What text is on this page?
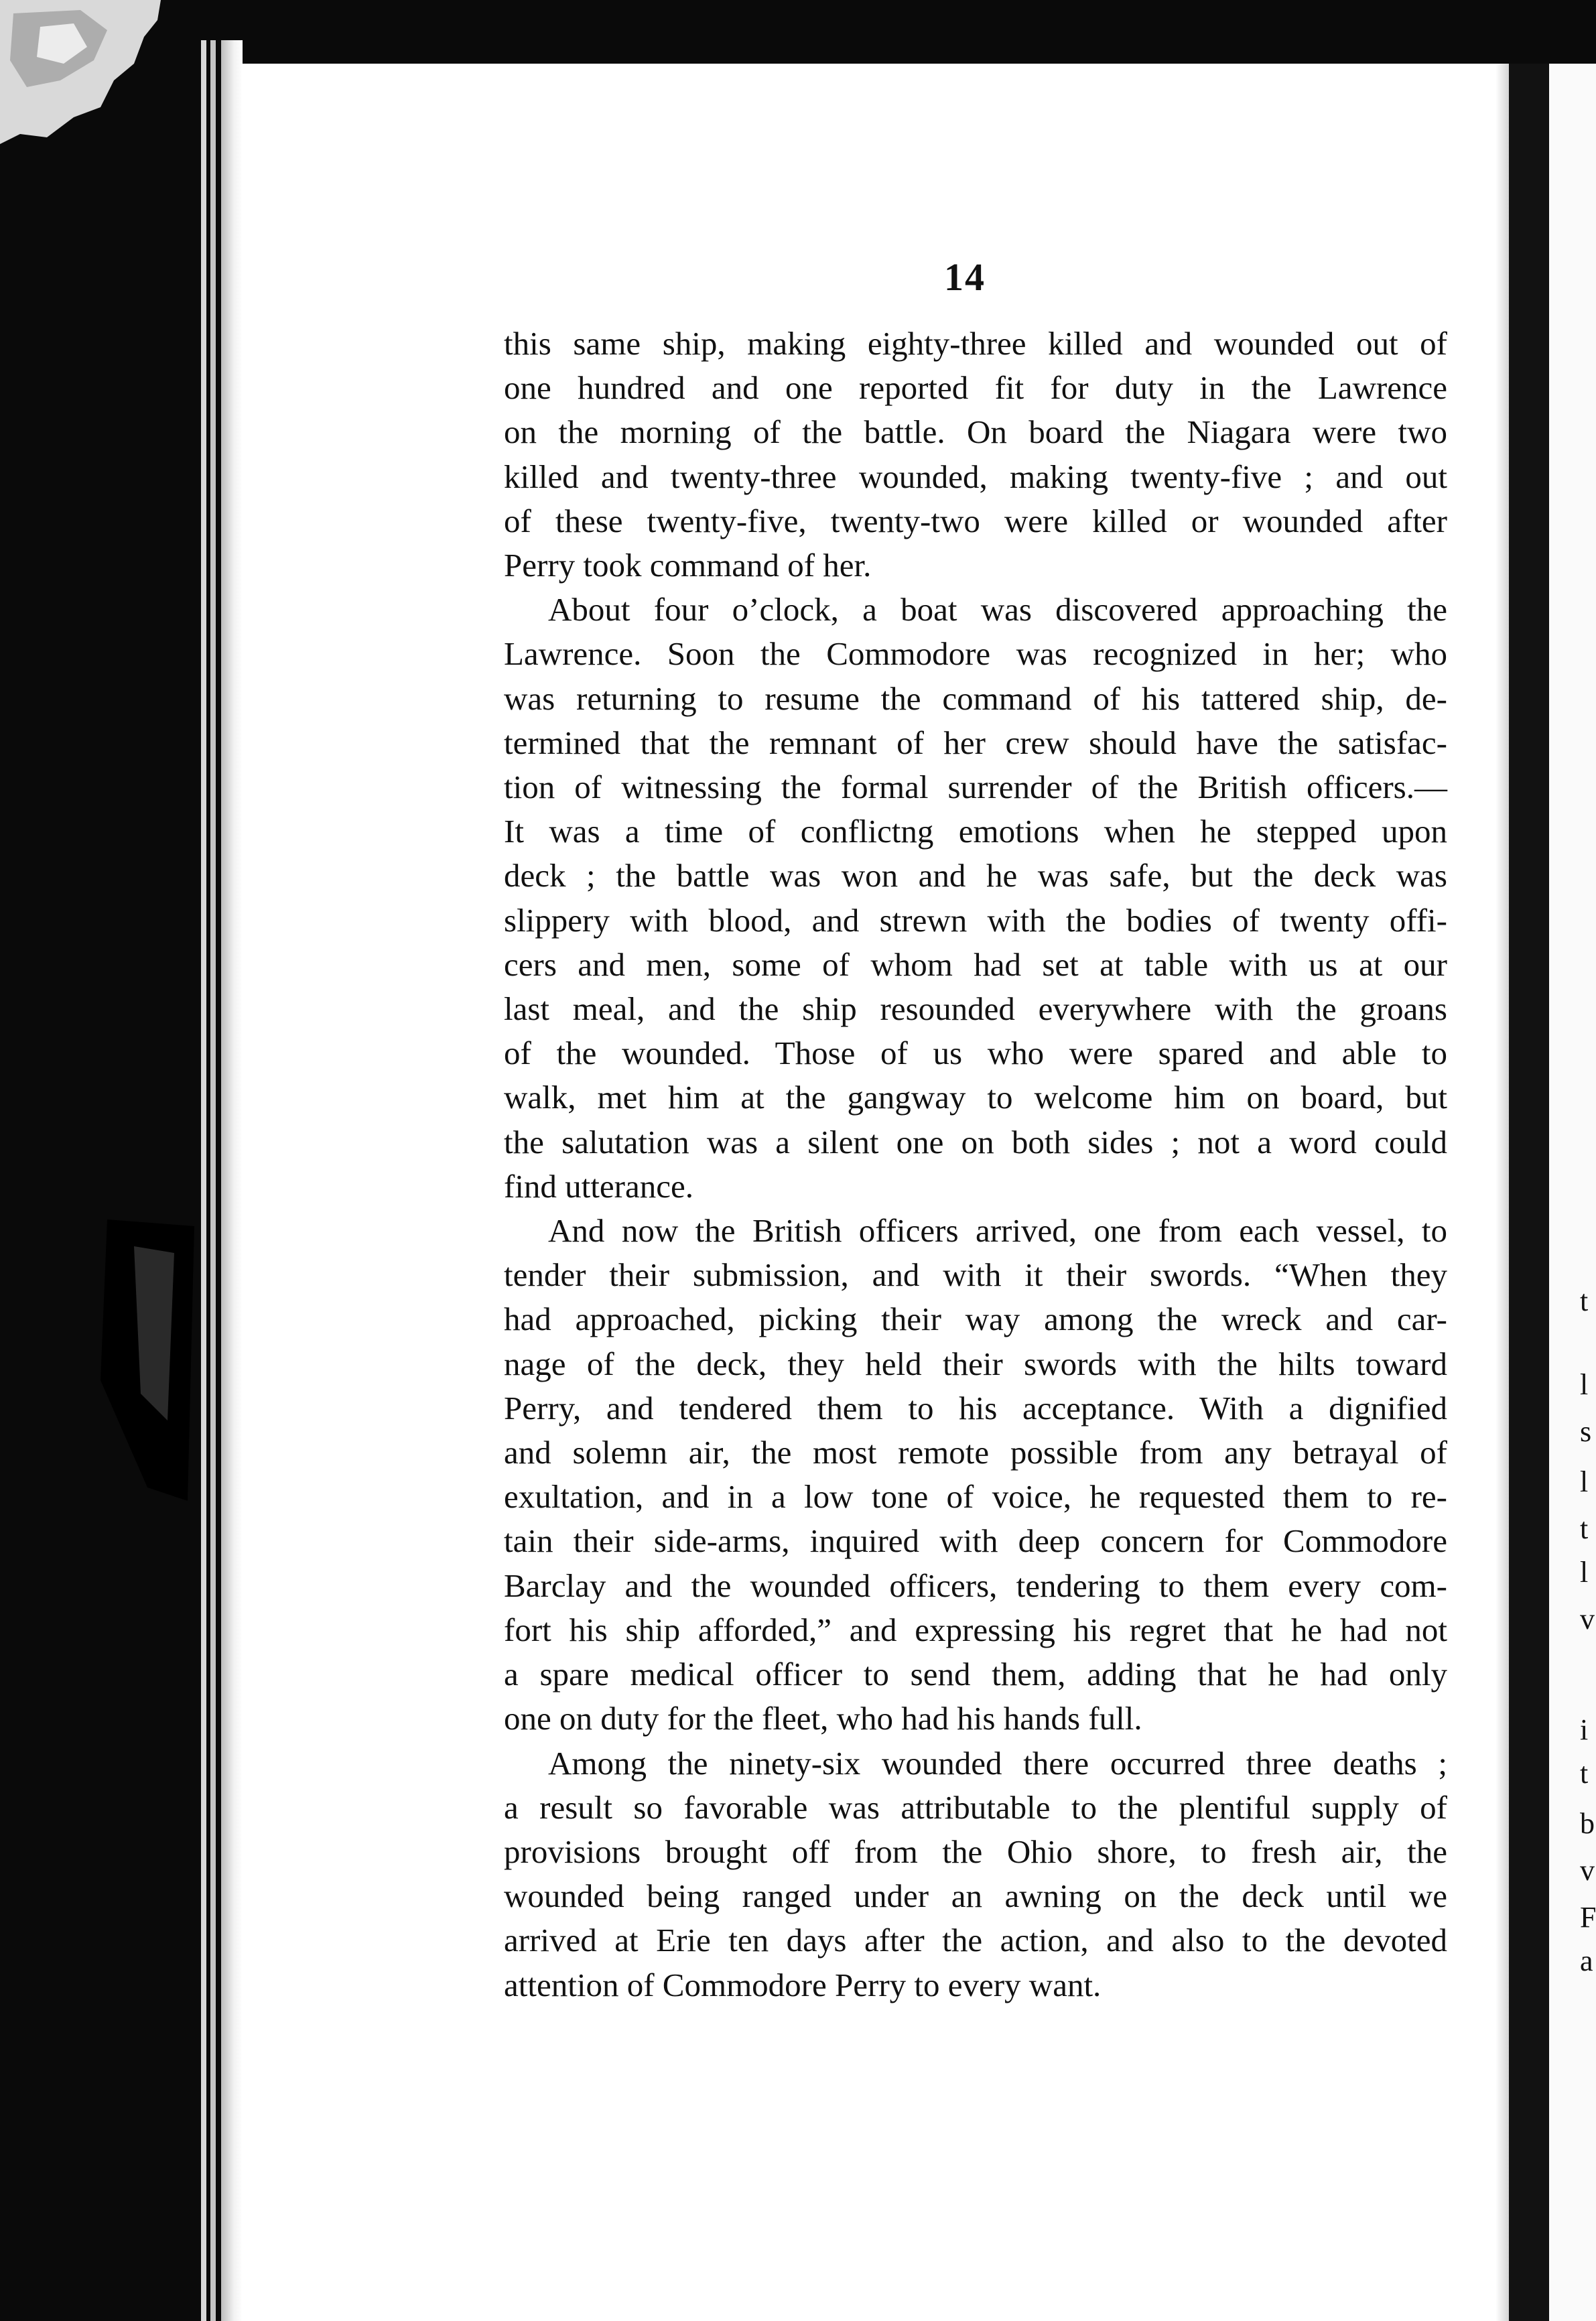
t
l
s
l
t
l
v
i
t
b
v
F
a
14
this same ship, making eighty-three killed and wounded out of
one hundred and one reported fit for duty in the Lawrence
on the morning of the battle. On board the Niagara were two
killed and twenty-three wounded, making twenty-five ; and out
of these twenty-five, twenty-two were killed or wounded after
Perry took command of her.
About four o’clock, a boat was discovered approaching the
Lawrence. Soon the Commodore was recognized in her; who
was returning to resume the command of his tattered ship, de-
termined that the remnant of her crew should have the satisfac-
tion of witnessing the formal surrender of the British officers.—
It was a time of conflictng emotions when he stepped upon
deck ; the battle was won and he was safe, but the deck was
slippery with blood, and strewn with the bodies of twenty offi-
cers and men, some of whom had set at table with us at our
last meal, and the ship resounded everywhere with the groans
of the wounded. Those of us who were spared and able to
walk, met him at the gangway to welcome him on board, but
the salutation was a silent one on both sides ; not a word could
find utterance.
And now the British officers arrived, one from each vessel, to
tender their submission, and with it their swords. “When they
had approached, picking their way among the wreck and car-
nage of the deck, they held their swords with the hilts toward
Perry, and tendered them to his acceptance. With a dignified
and solemn air, the most remote possible from any betrayal of
exultation, and in a low tone of voice, he requested them to re-
tain their side-arms, inquired with deep concern for Commodore
Barclay and the wounded officers, tendering to them every com-
fort his ship afforded,” and expressing his regret that he had not
a spare medical officer to send them, adding that he had only
one on duty for the fleet, who had his hands full.
Among the ninety-six wounded there occurred three deaths ;
a result so favorable was attributable to the plentiful supply of
provisions brought off from the Ohio shore, to fresh air, the
wounded being ranged under an awning on the deck until we
arrived at Erie ten days after the action, and also to the devoted
attention of Commodore Perry to every want.
